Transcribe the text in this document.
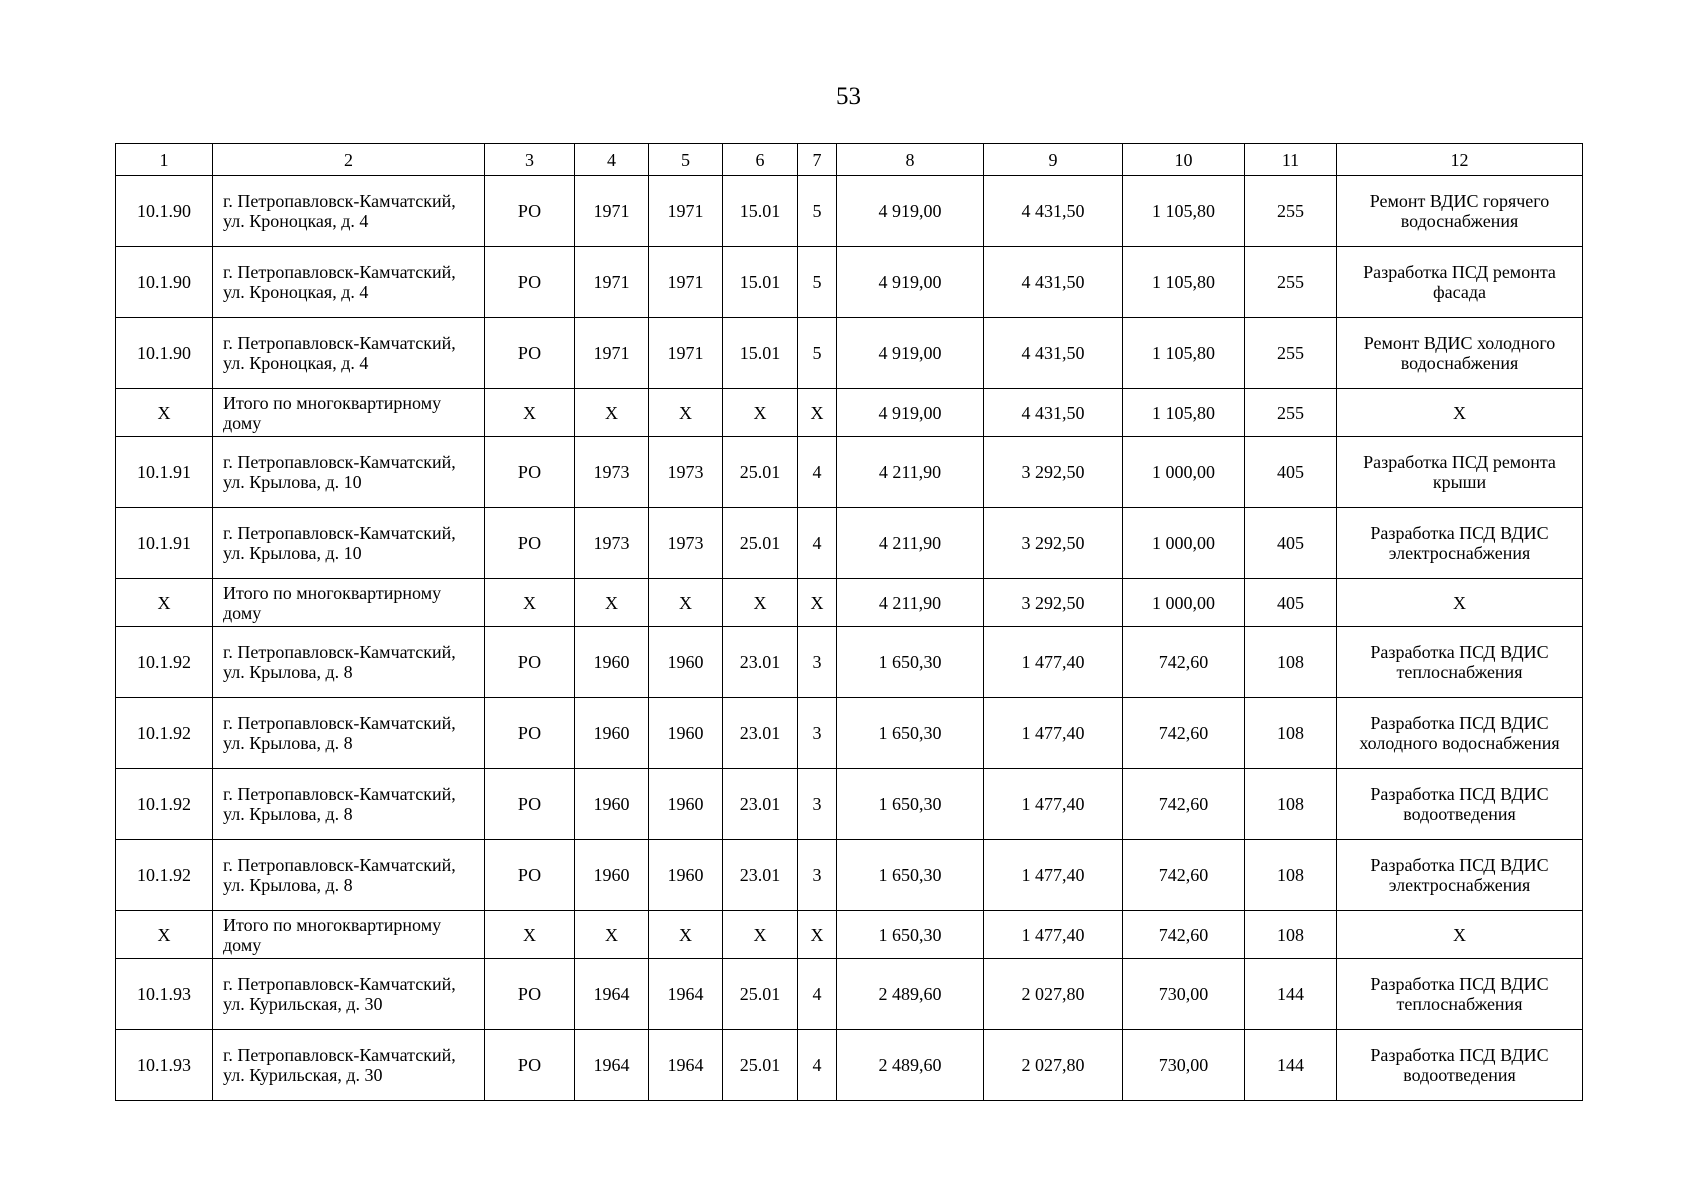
53
1	2	3	4	5	6	7	8	9	10	11	12
10.1.90	г. Петропавловск-Камчатский, ул. Кроноцкая, д. 4	РО	1971	1971	15.01	5	4 919,00	4 431,50	1 105,80	255	Ремонт ВДИС горячего водоснабжения
10.1.90	г. Петропавловск-Камчатский, ул. Кроноцкая, д. 4	РО	1971	1971	15.01	5	4 919,00	4 431,50	1 105,80	255	Разработка ПСД ремонта фасада
10.1.90	г. Петропавловск-Камчатский, ул. Кроноцкая, д. 4	РО	1971	1971	15.01	5	4 919,00	4 431,50	1 105,80	255	Ремонт ВДИС холодного водоснабжения
Х	Итого по многоквартирному дому	Х	Х	Х	Х	Х	4 919,00	4 431,50	1 105,80	255	Х
10.1.91	г. Петропавловск-Камчатский, ул. Крылова, д. 10	РО	1973	1973	25.01	4	4 211,90	3 292,50	1 000,00	405	Разработка ПСД ремонта крыши
10.1.91	г. Петропавловск-Камчатский, ул. Крылова, д. 10	РО	1973	1973	25.01	4	4 211,90	3 292,50	1 000,00	405	Разработка ПСД ВДИС электроснабжения
Х	Итого по многоквартирному дому	Х	Х	Х	Х	Х	4 211,90	3 292,50	1 000,00	405	Х
10.1.92	г. Петропавловск-Камчатский, ул. Крылова, д. 8	РО	1960	1960	23.01	3	1 650,30	1 477,40	742,60	108	Разработка ПСД ВДИС теплоснабжения
10.1.92	г. Петропавловск-Камчатский, ул. Крылова, д. 8	РО	1960	1960	23.01	3	1 650,30	1 477,40	742,60	108	Разработка ПСД ВДИС холодного водоснабжения
10.1.92	г. Петропавловск-Камчатский, ул. Крылова, д. 8	РО	1960	1960	23.01	3	1 650,30	1 477,40	742,60	108	Разработка ПСД ВДИС водоотведения
10.1.92	г. Петропавловск-Камчатский, ул. Крылова, д. 8	РО	1960	1960	23.01	3	1 650,30	1 477,40	742,60	108	Разработка ПСД ВДИС электроснабжения
Х	Итого по многоквартирному дому	Х	Х	Х	Х	Х	1 650,30	1 477,40	742,60	108	Х
10.1.93	г. Петропавловск-Камчатский, ул. Курильская, д. 30	РО	1964	1964	25.01	4	2 489,60	2 027,80	730,00	144	Разработка ПСД ВДИС теплоснабжения
10.1.93	г. Петропавловск-Камчатский, ул. Курильская, д. 30	РО	1964	1964	25.01	4	2 489,60	2 027,80	730,00	144	Разработка ПСД ВДИС водоотведения
